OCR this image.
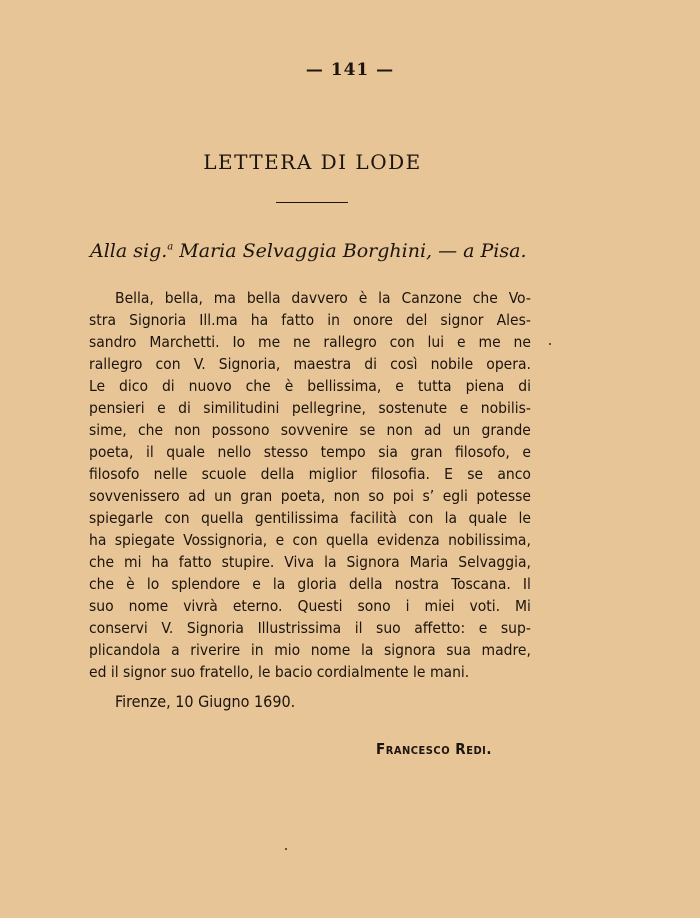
— 141 —
LETTERA DI LODE
Alla sig.$^a$ Maria Selvaggia Borghini, — a Pisa.
Bella, bella, ma bella davvero è la Canzone che Vo-
stra Signoria Ill.ma ha fatto in onore del signor Ales-
sandro Marchetti. Io me ne rallegro con lui e me ne
rallegro con V. Signoria, maestra di così nobile opera.
Le dico di nuovo che è bellissima, e tutta piena di
pensieri e di similitudini pellegrine, sostenute e nobilis-
sime, che non possono sovvenire se non ad un grande
poeta, il quale nello stesso tempo sia gran filosofo, e
filosofo nelle scuole della miglior filosofia. E se anco
sovvenissero ad un gran poeta, non so poi s’ egli potesse
spiegarle con quella gentilissima facilità con la quale le
ha spiegate Vossignoria, e con quella evidenza nobilissima,
che mi ha fatto stupire. Viva la Signora Maria Selvaggia,
che è lo splendore e la gloria della nostra Toscana. Il
suo nome vivrà eterno. Questi sono i miei voti. Mi
conservi V. Signoria Illustrissima il suo affetto: e sup-
plicandola a riverire in mio nome la signora sua madre,
ed il signor suo fratello, le bacio cordialmente le mani.
Firenze, 10 Giugno 1690.
Francesco Redi.
